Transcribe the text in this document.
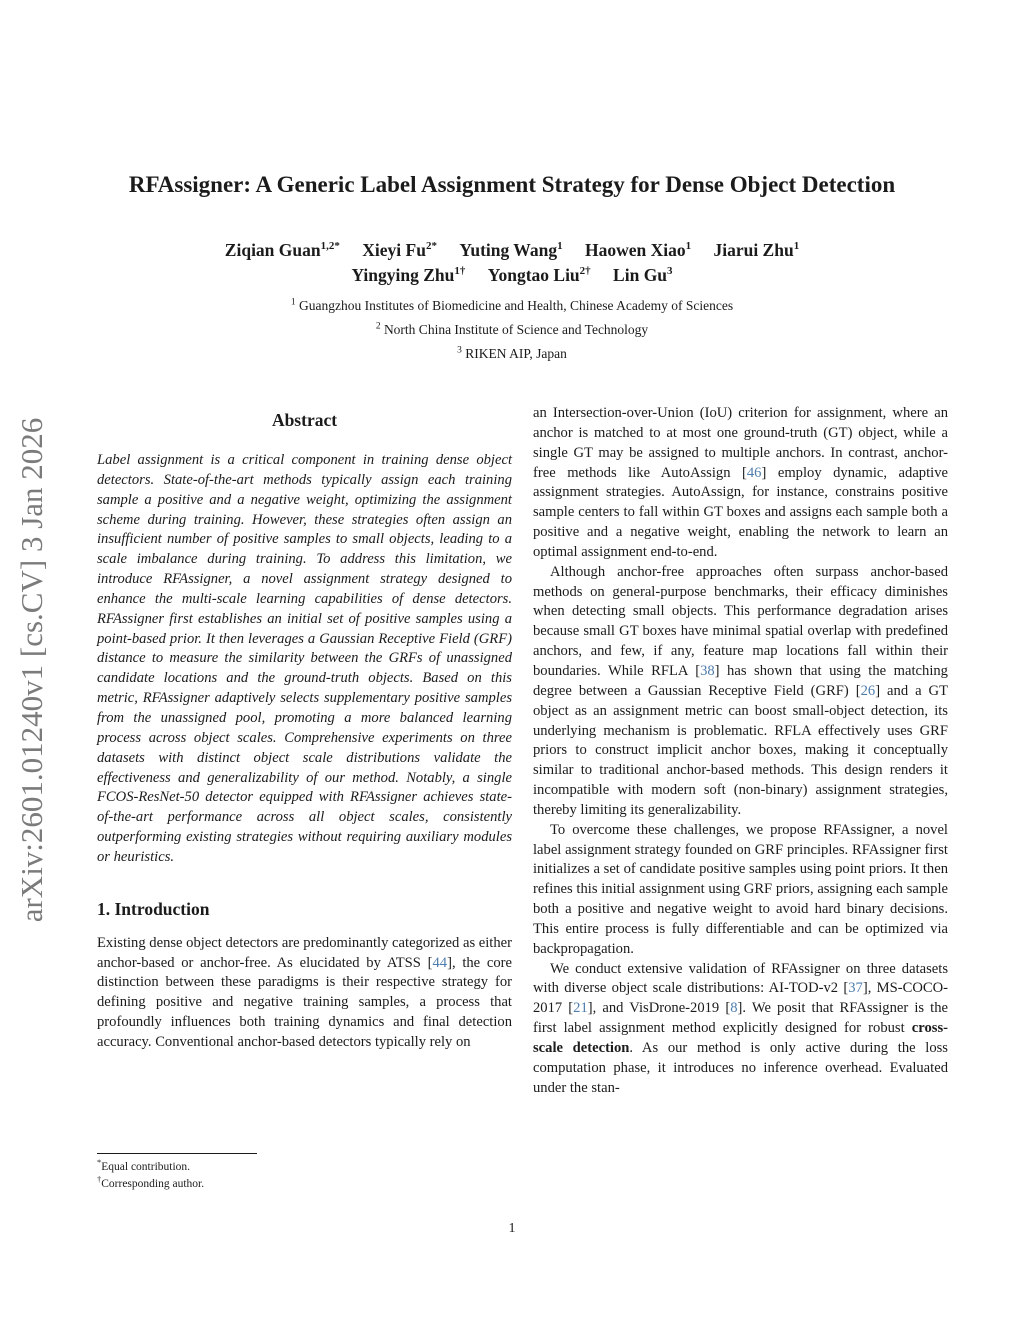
arXiv:2601.01240v1 [cs.CV] 3 Jan 2026
RFAssigner: A Generic Label Assignment Strategy for Dense Object Detection
Ziqian Guan$^{1,2*}$ Xieyi $Fu^{2*}$ Yuting Wang$^1$ Haowen Xiao$^1$ Jiarui Zhu$^1$
Yingying Zhu$^{1\dagger}$ Yongtao Liu$^{2\dagger}$ Lin Gu$^3$
$^1$ Guangzhou Institutes of Biomedicine and Health, Chinese Academy of Sciences
$^2$ North China Institute of Science and Technology
$^3$ RIKEN AIP, Japan
Abstract
Label assignment is a critical component in training dense object detectors. State-of-the-art methods typically assign each training sample a positive and a negative weight, optimizing the assignment scheme during training. However, these strategies often assign an insufficient number of positive samples to small objects, leading to a scale imbalance during training. To address this limitation, we introduce RFAssigner, a novel assignment strategy designed to enhance the multi-scale learning capabilities of dense detectors. RFAssigner first establishes an initial set of positive samples using a point-based prior. It then leverages a Gaussian Receptive Field (GRF) distance to measure the similarity between the GRFs of unassigned candidate locations and the ground-truth objects. Based on this metric, RFAssigner adaptively selects supplementary positive samples from the unassigned pool, promoting a more balanced learning process across object scales. Comprehensive experiments on three datasets with distinct object scale distributions validate the effectiveness and generalizability of our method. Notably, a single FCOS-ResNet-50 detector equipped with RFAssigner achieves state-of-the-art performance across all object scales, consistently outperforming existing strategies without requiring auxiliary modules or heuristics.
1. Introduction
Existing dense object detectors are predominantly categorized as either anchor-based or anchor-free. As elucidated by ATSS [44], the core distinction between these paradigms is their respective strategy for defining positive and negative training samples, a process that profoundly influences both training dynamics and final detection accuracy. Conventional anchor-based detectors typically rely on

an Intersection-over-Union (IoU) criterion for assignment, where an anchor is matched to at most one ground-truth (GT) object, while a single GT may be assigned to multiple anchors. In contrast, anchor-free methods like AutoAssign [46] employ dynamic, adaptive assignment strategies. AutoAssign, for instance, constrains positive sample centers to fall within GT boxes and assigns each sample both a positive and a negative weight, enabling the network to learn an optimal assignment end-to-end.

Although anchor-free approaches often surpass anchor-based methods on general-purpose benchmarks, their efficacy diminishes when detecting small objects. This performance degradation arises because small GT boxes have minimal spatial overlap with predefined anchors, and few, if any, feature map locations fall within their boundaries. While RFLA [38] has shown that using the matching degree between a Gaussian Receptive Field (GRF) [26] and a GT object as an assignment metric can boost small-object detection, its underlying mechanism is problematic. RFLA effectively uses GRF priors to construct implicit anchor boxes, making it conceptually similar to traditional anchor-based methods. This design renders it incompatible with modern soft (non-binary) assignment strategies, thereby limiting its generalizability.

To overcome these challenges, we propose RFAssigner, a novel label assignment strategy founded on GRF principles. RFAssigner first initializes a set of candidate positive samples using point priors. It then refines this initial assignment using GRF priors, assigning each sample both a positive and negative weight to avoid hard binary decisions. This entire process is fully differentiable and can be optimized via backpropagation.

We conduct extensive validation of RFAssigner on three datasets with diverse object scale distributions: AI-TOD-v2 [37], MS-COCO-2017 [21], and VisDrone-2019 [8]. We posit that RFAssigner is the first label assignment method explicitly designed for robust cross-scale detection. As our method is only active during the loss computation phase, it introduces no inference overhead. Evaluated under the stan-

*Equal contribution.
†Corresponding author.
1
